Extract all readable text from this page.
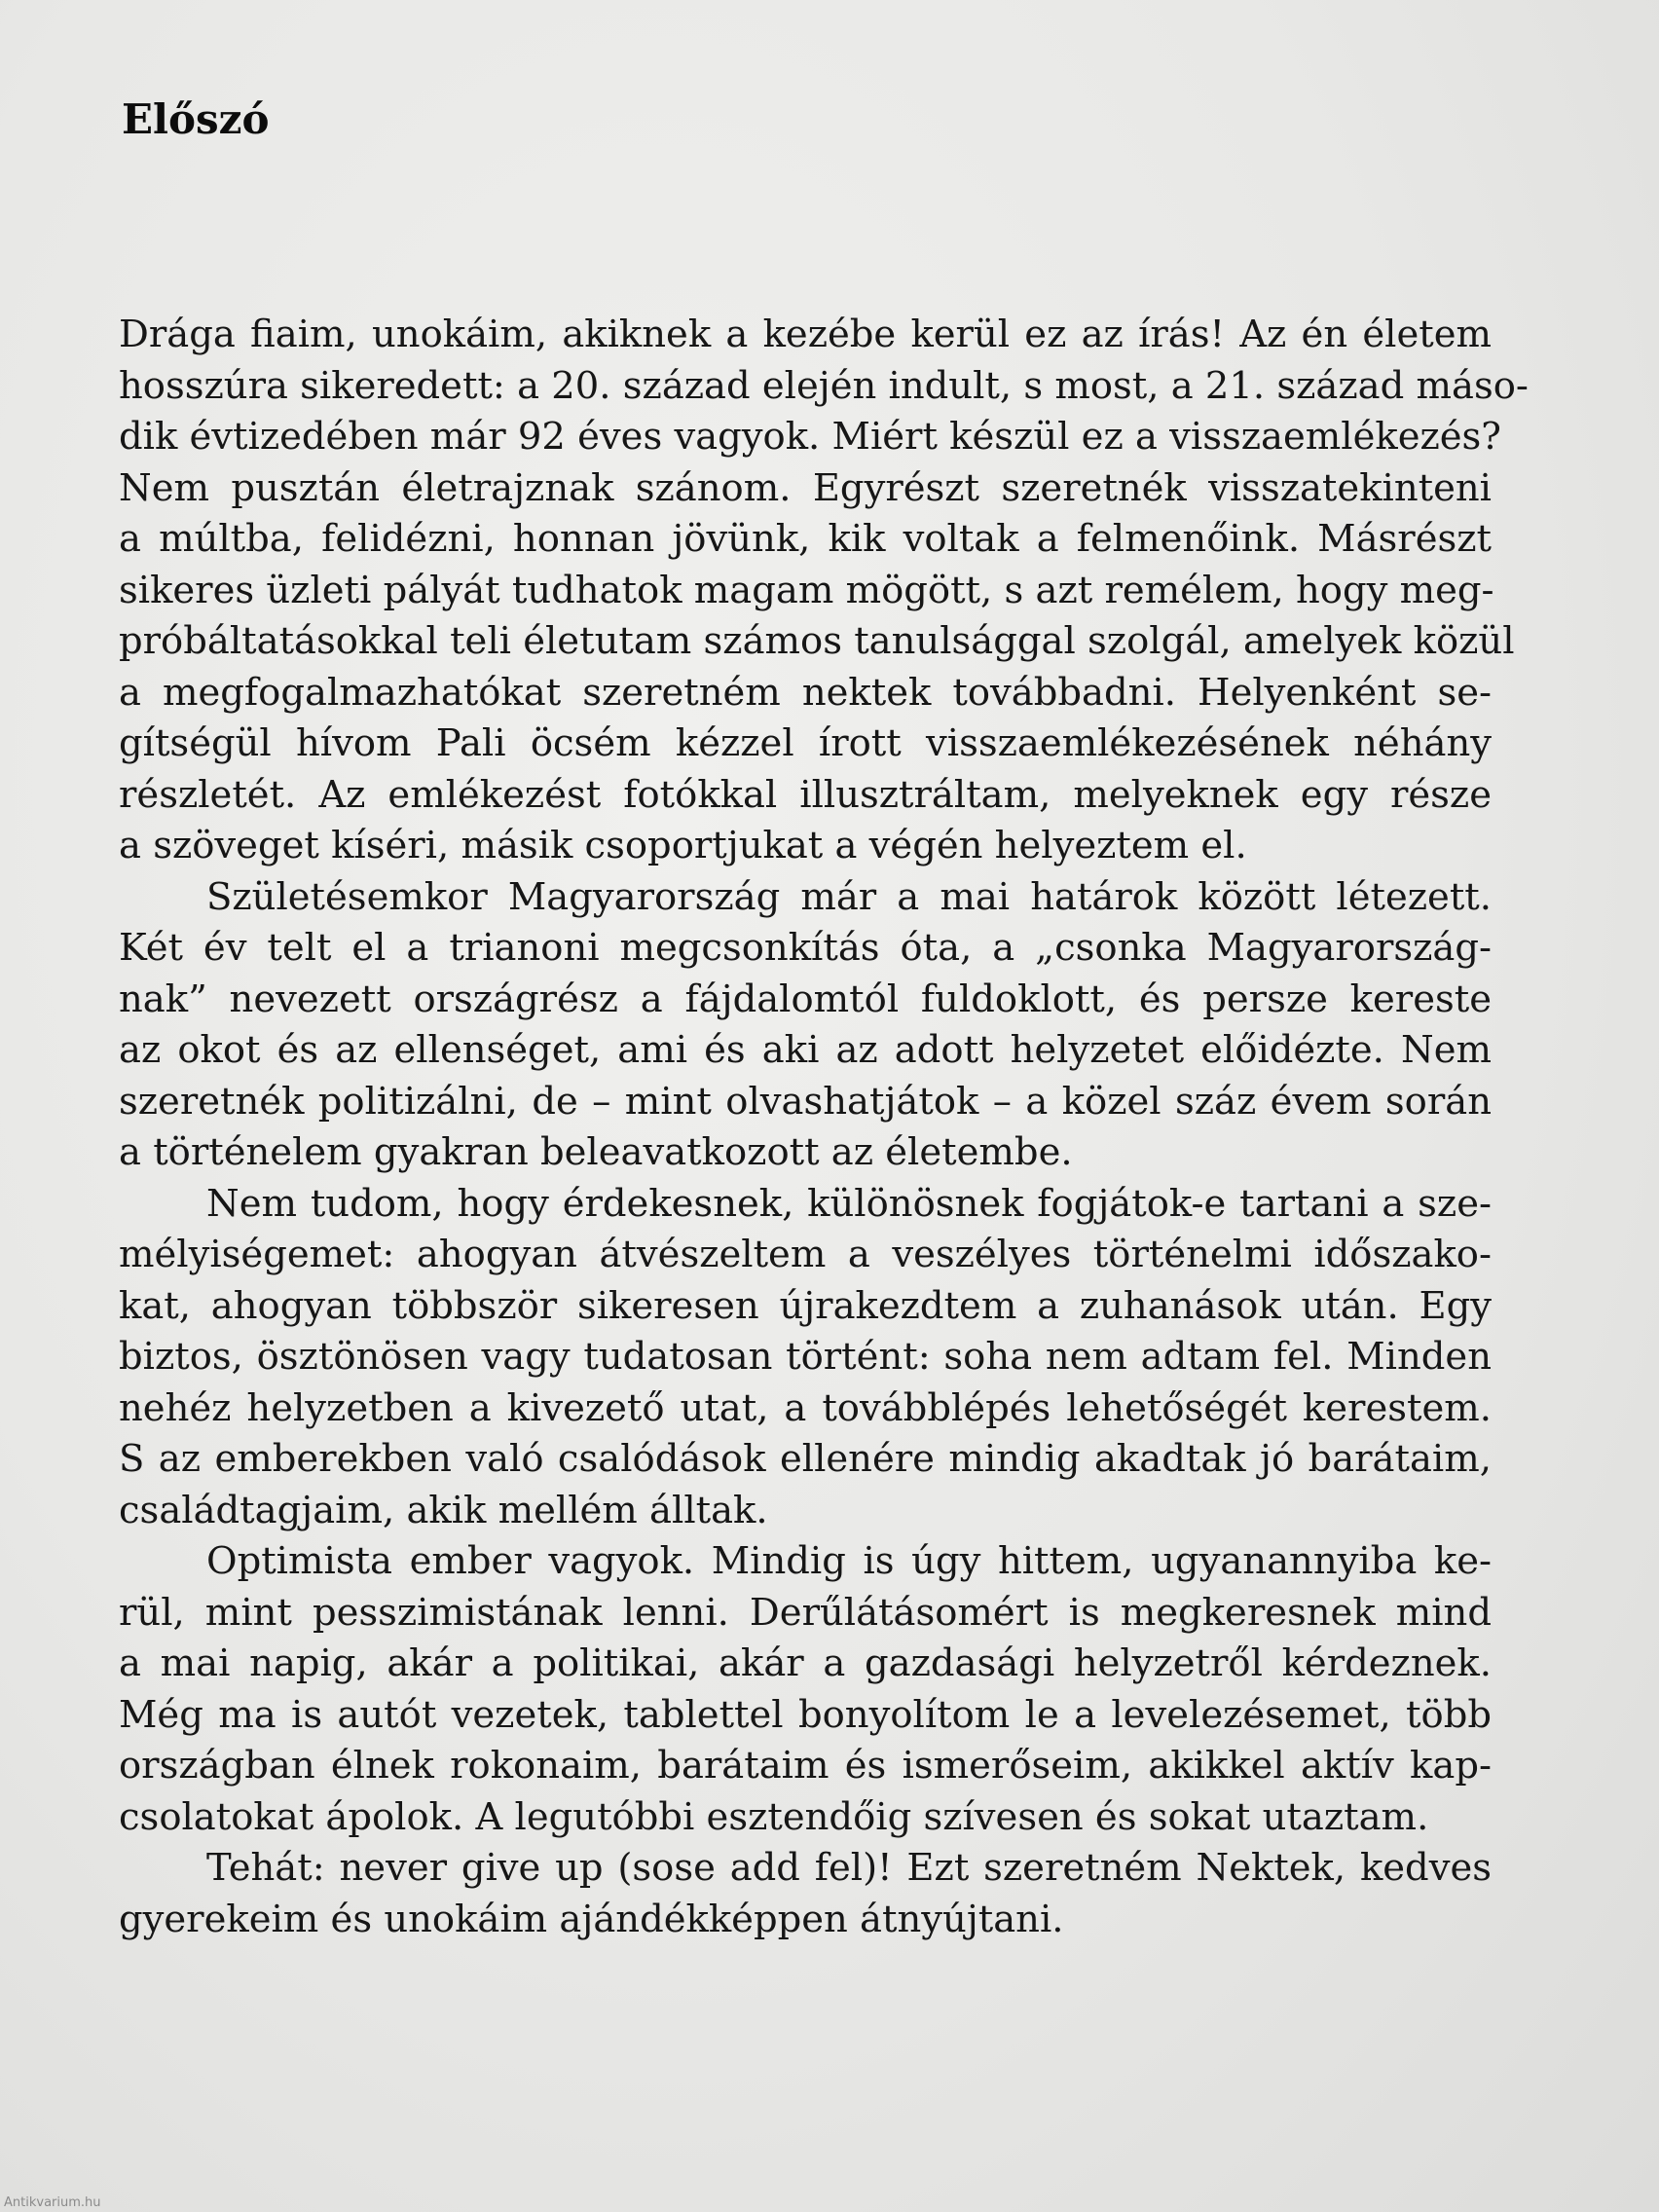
Előszó
Drága fiaim, unokáim, akiknek a kezébe kerül ez az írás! Az én életem
hosszúra sikeredett: a 20. század elején indult, s most, a 21. század máso-
dik évtizedében már 92 éves vagyok. Miért készül ez a visszaemlékezés?
Nem pusztán életrajznak szánom. Egyrészt szeretnék visszatekinteni
a múltba, felidézni, honnan jövünk, kik voltak a felmenőink. Másrészt
sikeres üzleti pályát tudhatok magam mögött, s azt remélem, hogy meg-
próbáltatásokkal teli életutam számos tanulsággal szolgál, amelyek közül
a megfogalmazhatókat szeretném nektek továbbadni. Helyenként se-
gítségül hívom Pali öcsém kézzel írott visszaemlékezésének néhány
részletét. Az emlékezést fotókkal illusztráltam, melyeknek egy része
a szöveget kíséri, másik csoportjukat a végén helyeztem el.
Születésemkor Magyarország már a mai határok között létezett.
Két év telt el a trianoni megcsonkítás óta, a „csonka Magyarország-
nak” nevezett országrész a fájdalomtól fuldoklott, és persze kereste
az okot és az ellenséget, ami és aki az adott helyzetet előidézte. Nem
szeretnék politizálni, de – mint olvashatjátok – a közel száz évem során
a történelem gyakran beleavatkozott az életembe.
Nem tudom, hogy érdekesnek, különösnek fogjátok-e tartani a sze-
mélyiségemet: ahogyan átvészeltem a veszélyes történelmi időszako-
kat, ahogyan többször sikeresen újrakezdtem a zuhanások után. Egy
biztos, ösztönösen vagy tudatosan történt: soha nem adtam fel. Minden
nehéz helyzetben a kivezető utat, a továbblépés lehetőségét kerestem.
S az emberekben való csalódások ellenére mindig akadtak jó barátaim,
családtagjaim, akik mellém álltak.
Optimista ember vagyok. Mindig is úgy hittem, ugyanannyiba ke-
rül, mint pesszimistának lenni. Derűlátásomért is megkeresnek mind
a mai napig, akár a politikai, akár a gazdasági helyzetről kérdeznek.
Még ma is autót vezetek, tablettel bonyolítom le a levelezésemet, több
országban élnek rokonaim, barátaim és ismerőseim, akikkel aktív kap-
csolatokat ápolok. A legutóbbi esztendőig szívesen és sokat utaztam.
Tehát: never give up (sose add fel)! Ezt szeretném Nektek, kedves
gyerekeim és unokáim ajándékképpen átnyújtani.
Antikvarium.hu
